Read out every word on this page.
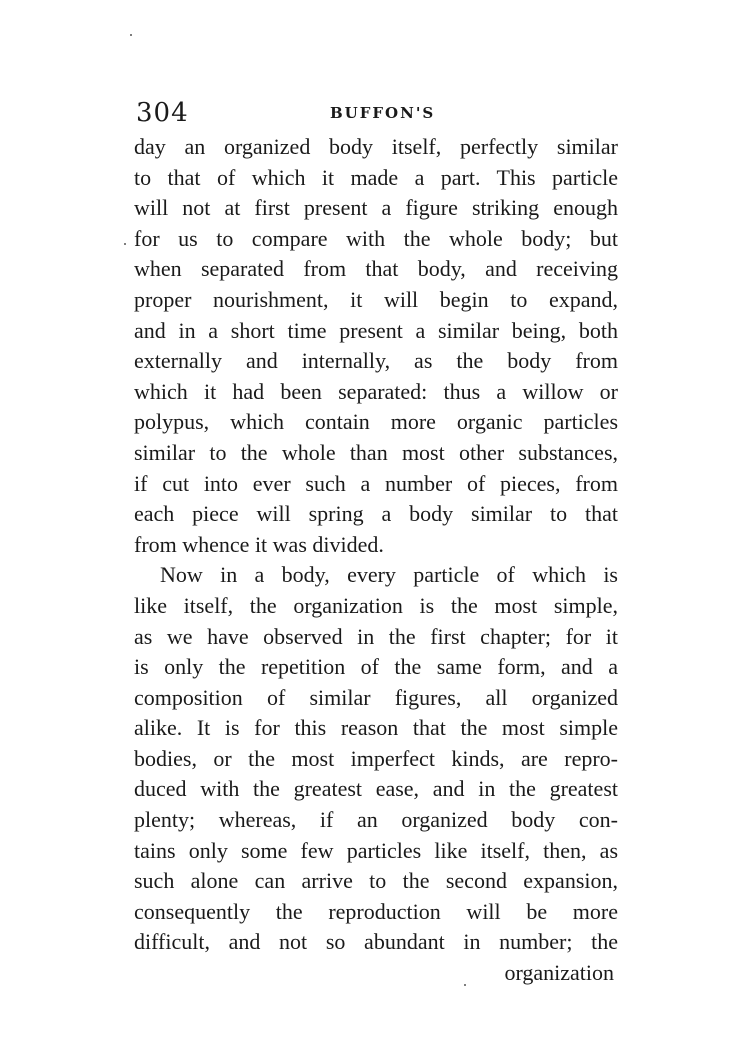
304	BUFFON'S
day an organized body itself, perfectly similar
to that of which it made a part. This particle
will not at first present a figure striking enough
for us to compare with the whole body; but
when separated from that body, and receiving
proper nourishment, it will begin to expand,
and in a short time present a similar being, both
externally and internally, as the body from
which it had been separated: thus a willow or
polypus, which contain more organic particles
similar to the whole than most other substances,
if cut into ever such a number of pieces, from
each piece will spring a body similar to that
from whence it was divided.
Now in a body, every particle of which is
like itself, the organization is the most simple,
as we have observed in the first chapter; for it
is only the repetition of the same form, and a
composition of similar figures, all organized
alike. It is for this reason that the most simple
bodies, or the most imperfect kinds, are repro-
duced with the greatest ease, and in the greatest
plenty; whereas, if an organized body con-
tains only some few particles like itself, then, as
such alone can arrive to the second expansion,
consequently the reproduction will be more
difficult, and not so abundant in number; the
organization
